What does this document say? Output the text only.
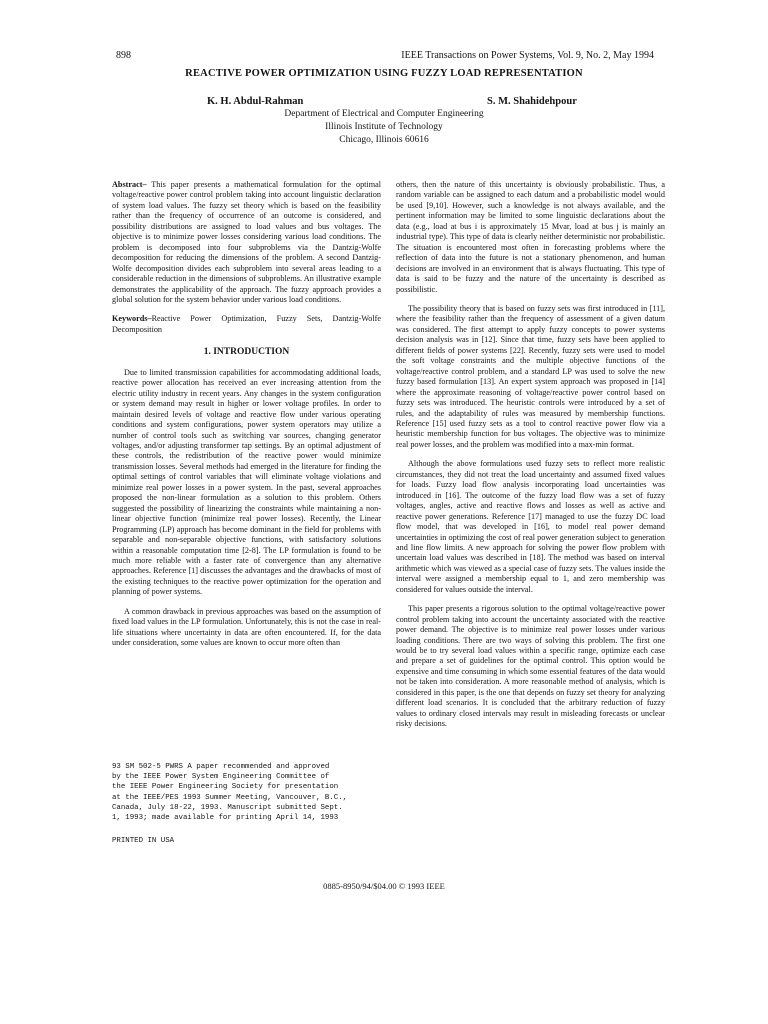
898	IEEE Transactions on Power Systems, Vol. 9, No. 2, May 1994
REACTIVE POWER OPTIMIZATION USING FUZZY LOAD REPRESENTATION
K. H. Abdul-Rahman	S. M. Shahidehpour
Department of Electrical and Computer Engineering
Illinois Institute of Technology
Chicago, Illinois 60616

Abstract– This paper presents a mathematical formulation for the optimal voltage/reactive power control problem taking into account linguistic declaration of system load values. The fuzzy set theory which is based on the feasibility rather than the frequency of occurrence of an outcome is considered, and possibility distributions are assigned to load values and bus voltages. The objective is to minimize power losses considering various load conditions. The problem is decomposed into four subproblems via the Dantzig-Wolfe decomposition for reducing the dimensions of the problem. A second Dantzig-Wolfe decomposition divides each subproblem into several areas leading to a considerable reduction in the dimensions of subproblems. An illustrative example demonstrates the applicability of the approach. The fuzzy approach provides a global solution for the system behavior under various load conditions.

Keywords–Reactive Power Optimization, Fuzzy Sets, Dantzig-Wolfe Decomposition

1. INTRODUCTION

Due to limited transmission capabilities for accommodating additional loads, reactive power allocation has received an ever increasing attention from the electric utility industry in recent years. Any changes in the system configuration or system demand may result in higher or lower voltage profiles. In order to maintain desired levels of voltage and reactive flow under various operating conditions and system configurations, power system operators may utilize a number of control tools such as switching var sources, changing generator voltages, and/or adjusting transformer tap settings. By an optimal adjustment of these controls, the redistribution of the reactive power would minimize transmission losses. Several methods had emerged in the literature for finding the optimal settings of control variables that will eliminate voltage violations and minimize real power losses in a power system. In the past, several approaches proposed the non-linear formulation as a solution to this problem. Others suggested the possibility of linearizing the constraints while maintaining a non-linear objective function (minimize real power losses). Recently, the Linear Programming (LP) approach has become dominant in the field for problems with separable and non-separable objective functions, with satisfactory solutions within a reasonable computation time [2-8]. The LP formulation is found to be much more reliable with a faster rate of convergence than any alternative approaches. Reference [1] discusses the advantages and the drawbacks of most of the existing techniques to the reactive power optimization for the operation and planning of power systems.

A common drawback in previous approaches was based on the assumption of fixed load values in the LP formulation. Unfortunately, this is not the case in real-life situations where uncertainty in data are often encountered. If, for the data under consideration, some values are known to occur more often than

93 SM 502-5 PWRS A paper recommended and approved
by the IEEE Power System Engineering Committee of
the IEEE Power Engineering Society for presentation
at the IEEE/PES 1993 Summer Meeting, Vancouver, B.C.,
Canada, July 18-22, 1993. Manuscript submitted Sept.
1, 1993; made available for printing April 14, 1993
PRINTED IN USA

others, then the nature of this uncertainty is obviously probabilistic. Thus, a random variable can be assigned to each datum and a probabilistic model would be used [9,10]. However, such a knowledge is not always available, and the pertinent information may be limited to some linguistic declarations about the data (e.g., load at bus i is approximately 15 Mvar, load at bus j is mainly an industrial type). This type of data is clearly neither deterministic nor probabilistic. The situation is encountered most often in forecasting problems where the reflection of data into the future is not a stationary phenomenon, and human decisions are involved in an environment that is always fluctuating. This type of data is said to be fuzzy and the nature of the uncertainty is described as possibilistic.

The possibility theory that is based on fuzzy sets was first introduced in [11], where the feasibility rather than the frequency of assessment of a given datum was considered. The first attempt to apply fuzzy concepts to power systems decision analysis was in [12]. Since that time, fuzzy sets have been applied to different fields of power systems [22]. Recently, fuzzy sets were used to model the soft voltage constraints and the multiple objective functions of the voltage/reactive control problem, and a standard LP was used to solve the new fuzzy based formulation [13]. An expert system approach was proposed in [14] where the approximate reasoning of voltage/reactive power control based on fuzzy sets was introduced. The heuristic controls were introduced by a set of rules, and the adaptability of rules was measured by membership functions. Reference [15] used fuzzy sets as a tool to control reactive power flow via a heuristic membership function for bus voltages. The objective was to minimize real power losses, and the problem was modified into a max-min format.

Although the above formulations used fuzzy sets to reflect more realistic circumstances, they did not treat the load uncertainty and assumed fixed values for loads. Fuzzy load flow analysis incorporating load uncertainties was introduced in [16]. The outcome of the fuzzy load flow was a set of fuzzy voltages, angles, active and reactive flows and losses as well as active and reactive power generations. Reference [17] managed to use the fuzzy DC load flow model, that was developed in [16], to model real power demand uncertainties in optimizing the cost of real power generation subject to generation and line flow limits. A new approach for solving the power flow problem with uncertain load values was described in [18]. The method was based on interval arithmetic which was viewed as a special case of fuzzy sets. The values inside the interval were assigned a membership equal to 1, and zero membership was considered for values outside the interval.

This paper presents a rigorous solution to the optimal voltage/reactive power control problem taking into account the uncertainty associated with the reactive power demand. The objective is to minimize real power losses under various loading conditions. There are two ways of solving this problem. The first one would be to try several load values within a specific range, optimize each case and prepare a set of guidelines for the optimal control. This option would be expensive and time consuming in which some essential features of the data would not be taken into consideration. A more reasonable method of analysis, which is considered in this paper, is the one that depends on fuzzy set theory for analyzing different load scenarios. It is concluded that the arbitrary reduction of fuzzy values to ordinary closed intervals may result in misleading forecasts or unclear risky decisions.

0885-8950/94/$04.00 © 1993 IEEE
